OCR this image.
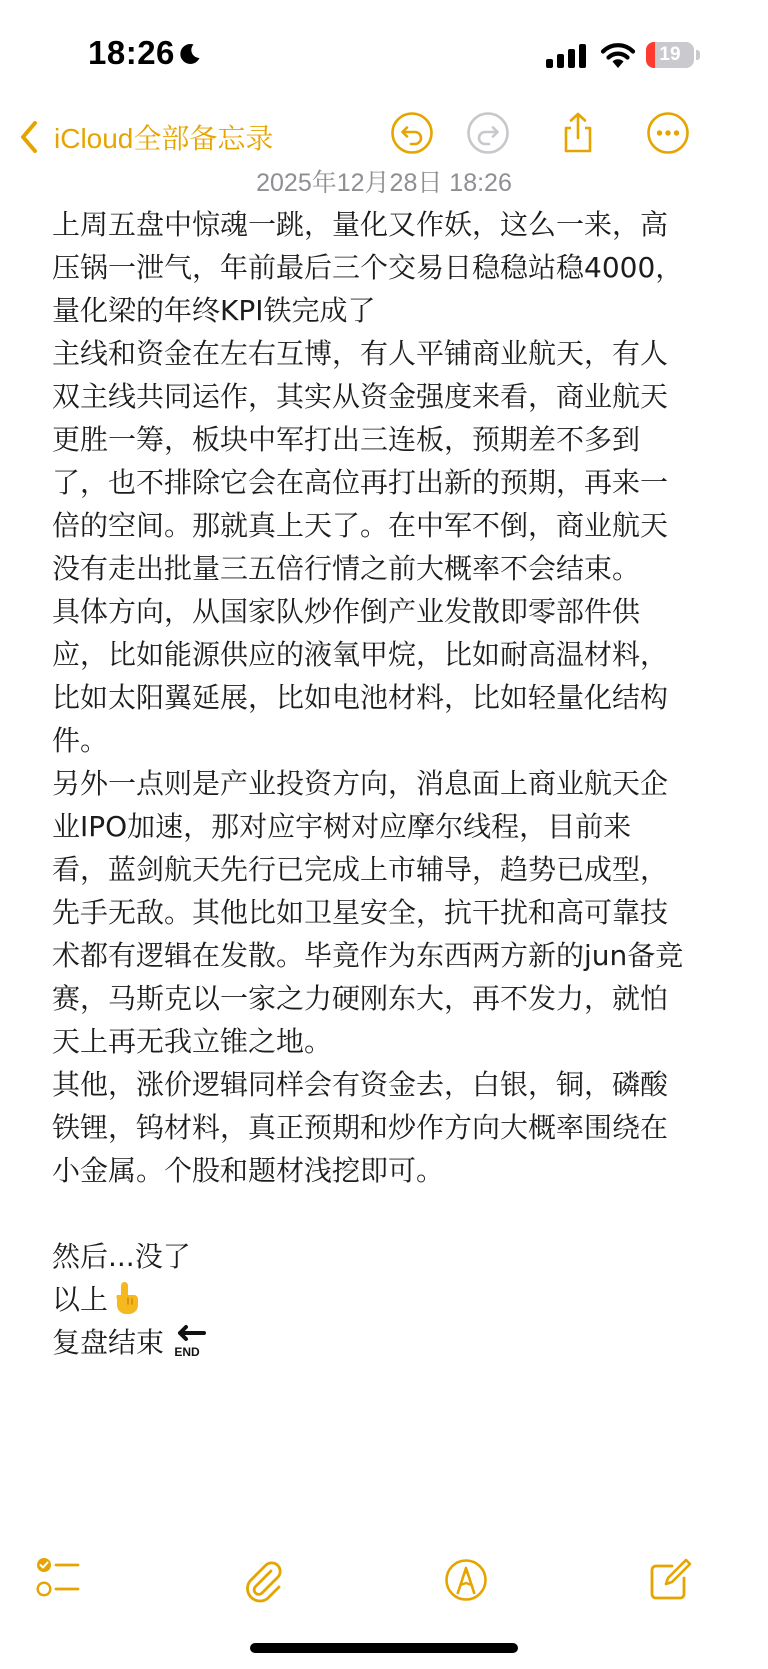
18:26	19
iCloud全部备忘录
2025年12月28日 18:26
上周五盘中惊魂一跳，量化又作妖，这么一来，高
压锅一泄气，年前最后三个交易日稳稳站稳4000，
量化梁的年终KPI铁完成了
主线和资金在左右互博，有人平铺商业航天，有人
双主线共同运作，其实从资金强度来看，商业航天
更胜一筹，板块中军打出三连板，预期差不多到
了，也不排除它会在高位再打出新的预期，再来一
倍的空间。那就真上天了。在中军不倒，商业航天
没有走出批量三五倍行情之前大概率不会结束。
具体方向，从国家队炒作倒产业发散即零部件供
应，比如能源供应的液氧甲烷，比如耐高温材料，
比如太阳翼延展，比如电池材料，比如轻量化结构
件。
另外一点则是产业投资方向，消息面上商业航天企
业IPO加速，那对应宇树对应摩尔线程，目前来
看，蓝剑航天先行已完成上市辅导，趋势已成型，
先手无敌。其他比如卫星安全，抗干扰和高可靠技
术都有逻辑在发散。毕竟作为东西两方新的jun备竞
赛，马斯克以一家之力硬刚东大，再不发力，就怕
天上再无我立锥之地。
其他，涨价逻辑同样会有资金去，白银，铜，磷酸
铁锂，钨材料，真正预期和炒作方向大概率围绕在
小金属。个股和题材浅挖即可。
然后...没了
以上
复盘结束 END
